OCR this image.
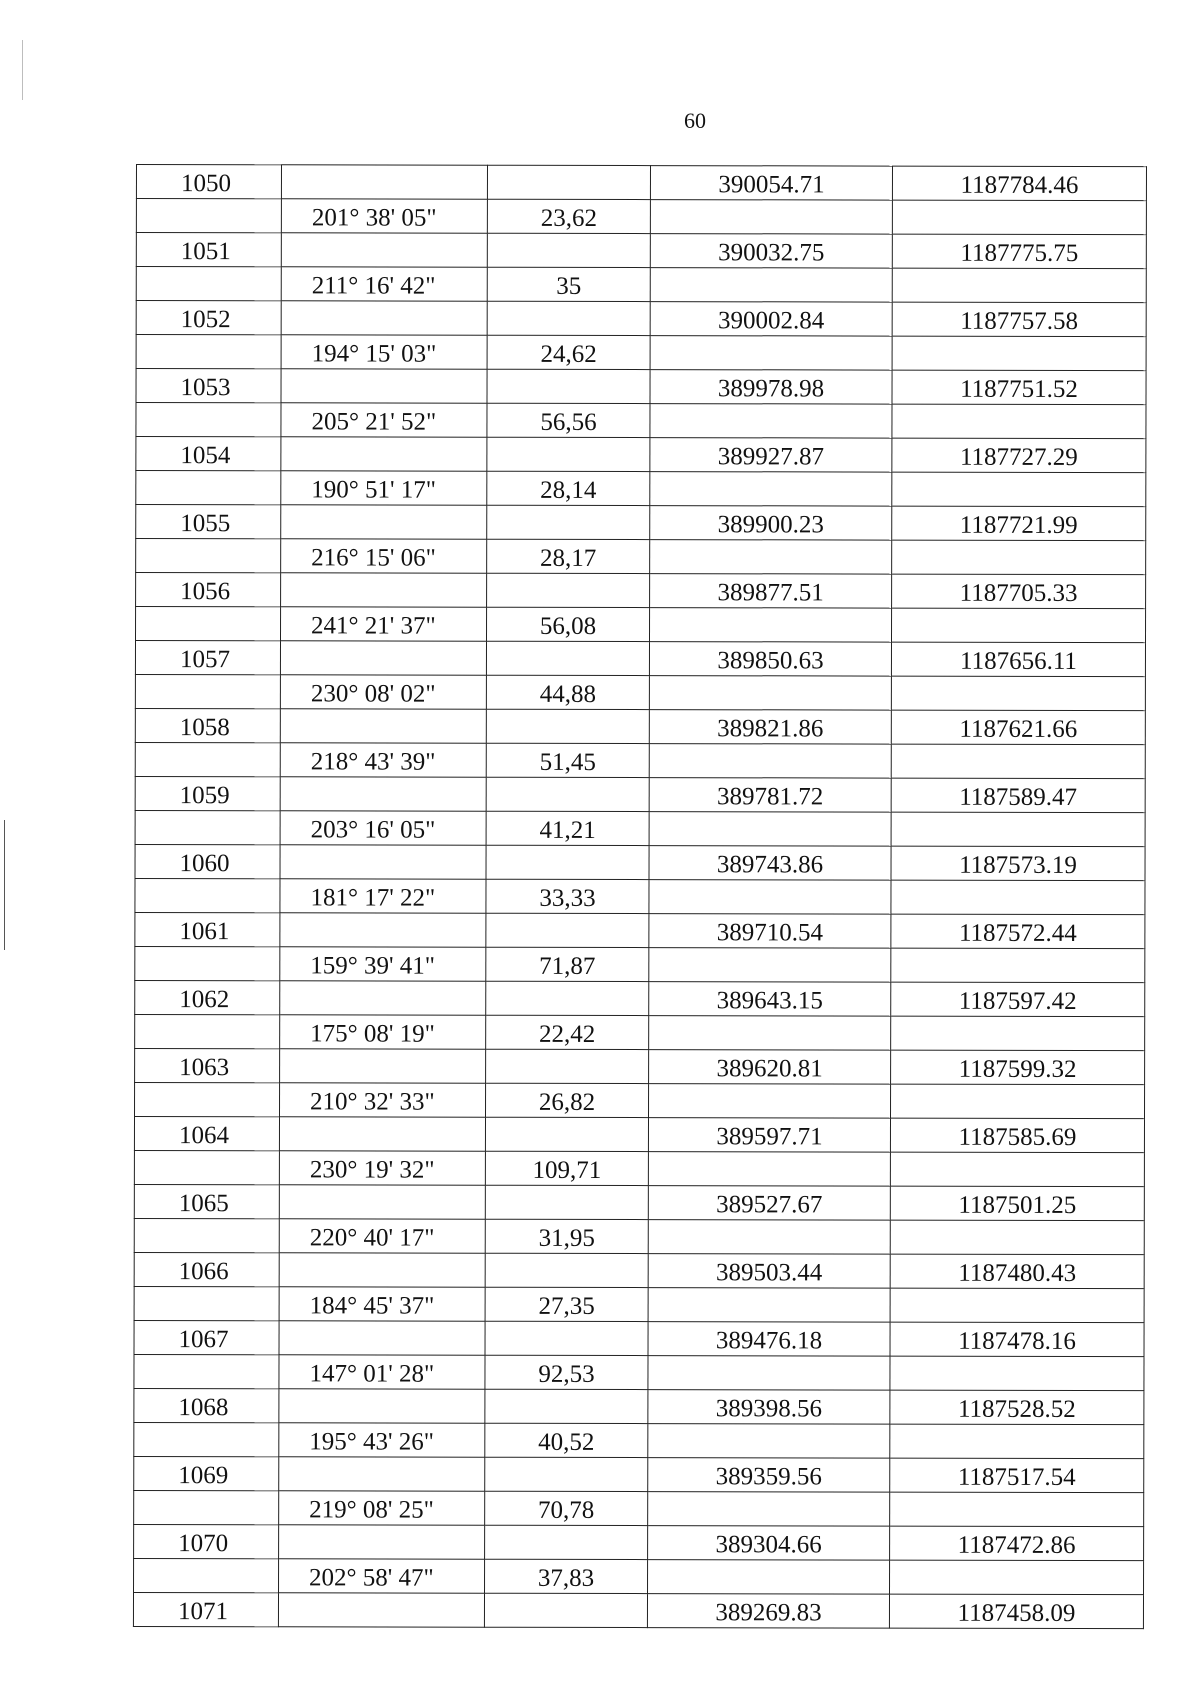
60
1050			390054.71	1187784.46
	201° 38' 05"	23,62		
1051			390032.75	1187775.75
	211° 16' 42"	35		
1052			390002.84	1187757.58
	194° 15' 03"	24,62		
1053			389978.98	1187751.52
	205° 21' 52"	56,56		
1054			389927.87	1187727.29
	190° 51' 17"	28,14		
1055			389900.23	1187721.99
	216° 15' 06"	28,17		
1056			389877.51	1187705.33
	241° 21' 37"	56,08		
1057			389850.63	1187656.11
	230° 08' 02"	44,88		
1058			389821.86	1187621.66
	218° 43' 39"	51,45		
1059			389781.72	1187589.47
	203° 16' 05"	41,21		
1060			389743.86	1187573.19
	181° 17' 22"	33,33		
1061			389710.54	1187572.44
	159° 39' 41"	71,87		
1062			389643.15	1187597.42
	175° 08' 19"	22,42		
1063			389620.81	1187599.32
	210° 32' 33"	26,82		
1064			389597.71	1187585.69
	230° 19' 32"	109,71		
1065			389527.67	1187501.25
	220° 40' 17"	31,95		
1066			389503.44	1187480.43
	184° 45' 37"	27,35		
1067			389476.18	1187478.16
	147° 01' 28"	92,53		
1068			389398.56	1187528.52
	195° 43' 26"	40,52		
1069			389359.56	1187517.54
	219° 08' 25"	70,78		
1070			389304.66	1187472.86
	202° 58' 47"	37,83		
1071			389269.83	1187458.09
